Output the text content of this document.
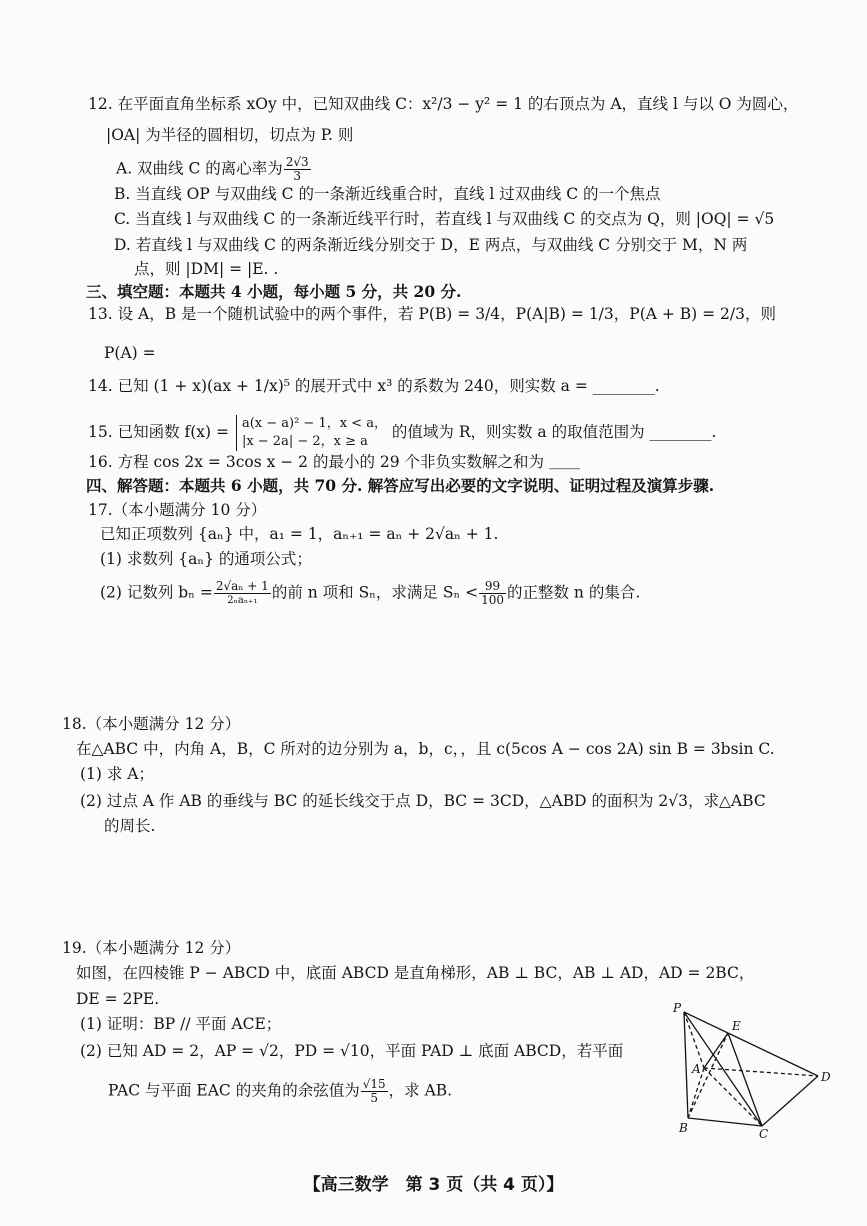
12. 在平面直角坐标系 xOy 中，已知双曲线 C：x²/3 − y² = 1 的右顶点为 A，直线 l 与以 O 为圆心，
|OA| 为半径的圆相切，切点为 P. 则
A. 双曲线 C 的离心率为 $\frac{2√3}{3}$
B. 当直线 OP 与双曲线 C 的一条渐近线重合时，直线 l 过双曲线 C 的一个焦点
C. 当直线 l 与双曲线 C 的一条渐近线平行时，若直线 l 与双曲线 C 的交点为 Q，则 |OQ| = √5
D. 若直线 l 与双曲线 C 的两条渐近线分别交于 D，E 两点，与双曲线 C 分别交于 M，N 两
点，则 |DM| = |E. .
三、填空题：本题共 4 小题，每小题 5 分，共 20 分.
13. 设 A，B 是一个随机试验中的两个事件，若 P(B) = 3/4，P(A|B) = 1/3，P(A + B) = 2/3，则
P(A) =
14. 已知 (1 + x)(ax + 1/x)⁵ 的展开式中 x³ 的系数为 240，则实数 a = ________.
15. 已知函数 f(x) = a(x − a)² − 1，x < a，
|x − 2a| − 2，x ≥ a
的值域为 R，则实数 a 的取值范围为 ________.
16. 方程 cos 2x = 3cos x − 2 的最小的 29 个非负实数解之和为 ＿＿
四、解答题：本题共 6 小题，共 70 分. 解答应写出必要的文字说明、证明过程及演算步骤.
17.（本小题满分 10 分）
已知正项数列 {aₙ} 中，a₁ = 1，aₙ₊₁ = aₙ + 2√aₙ + 1.
(1) 求数列 {aₙ} 的通项公式；
(2) 记数列 $b_n = \frac{\text{2√aₙ + 1}}{\text{2ₙaₙ₊₁}}$ 的前 n 项和 Sₙ，求满足 $S_n < \frac{99}{100}$ 的正整数 n 的集合.
18.（本小题满分 12 分）
在△ABC 中，内角 A，B，C 所对的边分别为 a，b，c，，且 c(5cos A − cos 2A) sin B = 3bsin C.
(1) 求 A；
(2) 过点 A 作 AB 的垂线与 BC 的延长线交于点 D，BC = 3CD，△ABD 的面积为 2√3，求△ABC
的周长.
19.（本小题满分 12 分）
如图，在四棱锥 P − ABCD 中，底面 ABCD 是直角梯形，AB ⊥ BC，AB ⊥ AD，AD = 2BC，
DE = 2PE.
(1) 证明：BP // 平面 ACE；
(2) 已知 AD = 2，AP = √2，PD = √10，平面 PAD ⊥ 底面 ABCD，若平面
PAC 与平面 EAC 的夹角的余弦值为 $\frac{√15}{5}$ ，求 AB.
P
E
A
D
B	C
【高三数学　第 3 页（共 4 页）】
